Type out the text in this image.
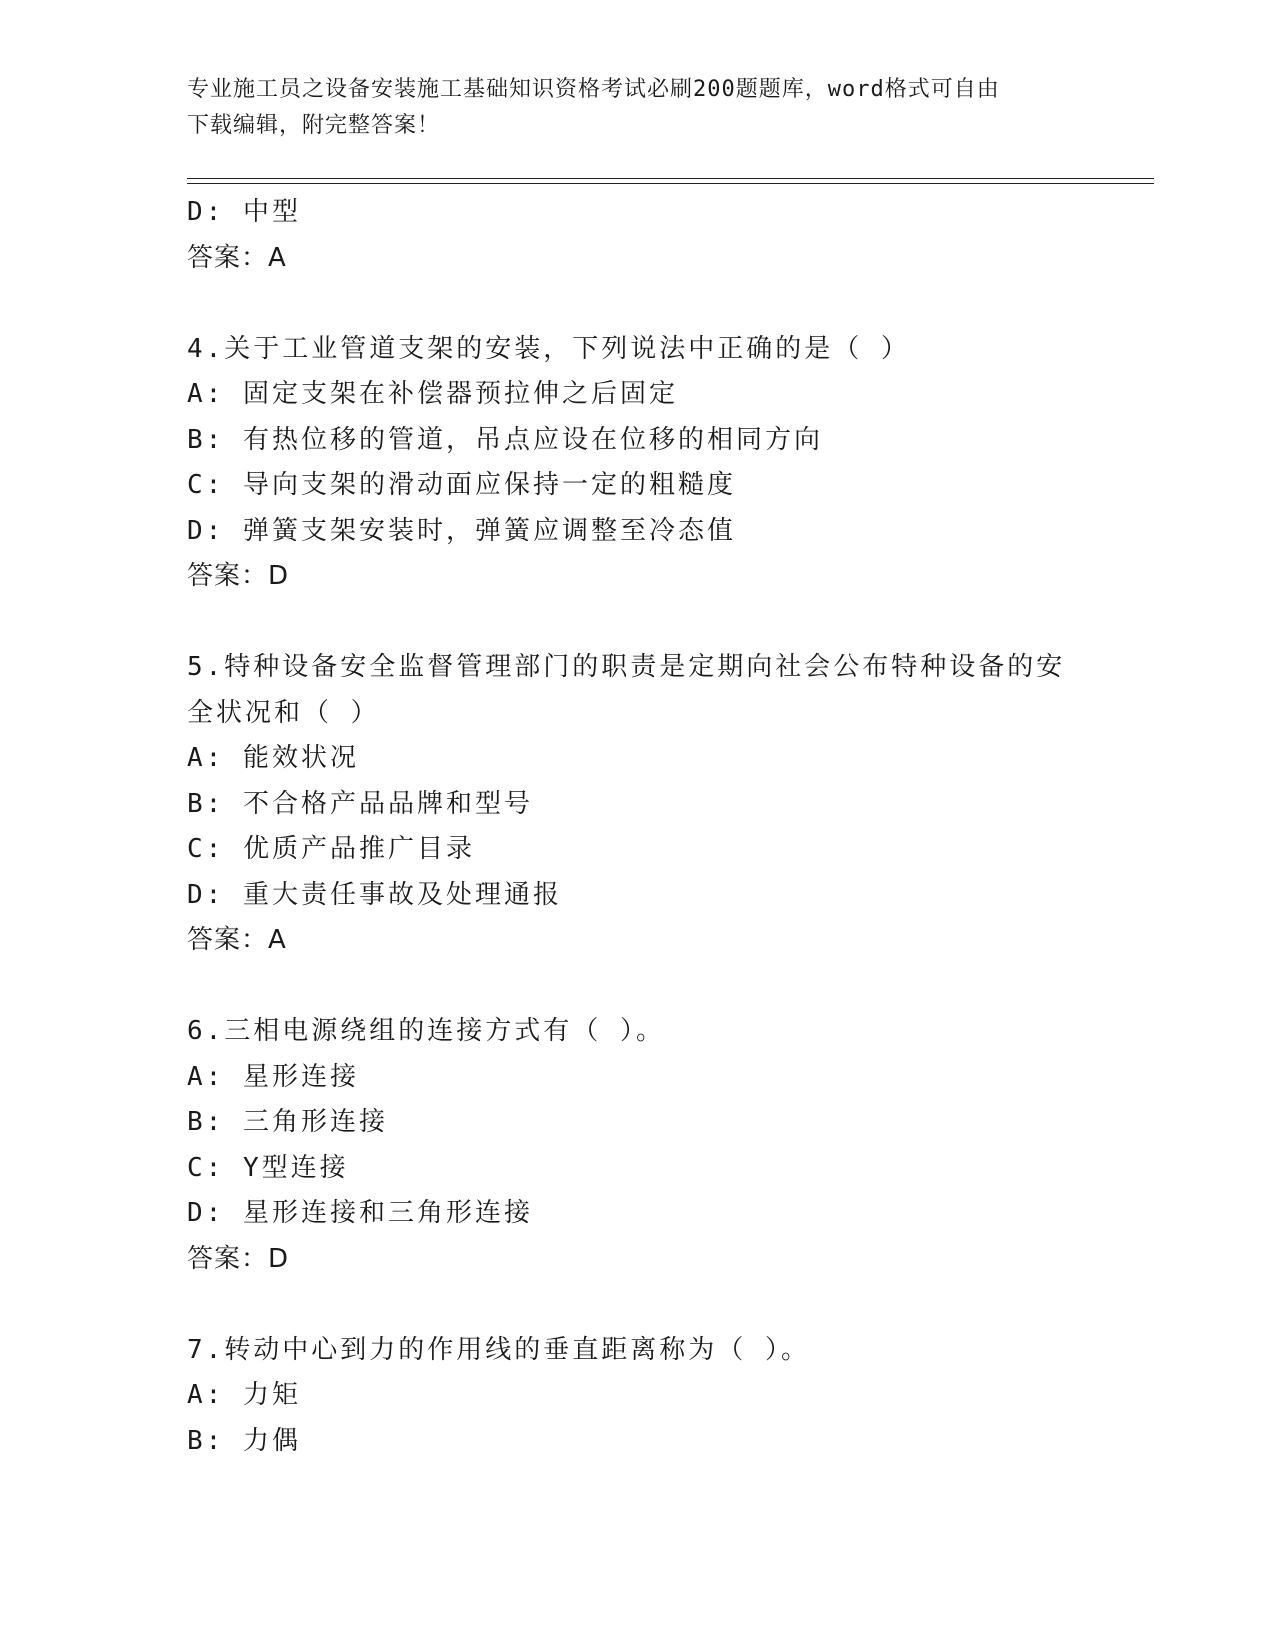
专业施工员之设备安装施工基础知识资格考试必刷200题题库，word格式可自由
下载编辑，附完整答案！
D: 中型
答案：A
4.关于工业管道支架的安装，下列说法中正确的是（ ）
A: 固定支架在补偿器预拉伸之后固定
B: 有热位移的管道，吊点应设在位移的相同方向
C: 导向支架的滑动面应保持一定的粗糙度
D: 弹簧支架安装时，弹簧应调整至冷态值
答案：D
5.特种设备安全监督管理部门的职责是定期向社会公布特种设备的安
全状况和（ ）
A: 能效状况
B: 不合格产品品牌和型号
C: 优质产品推广目录
D: 重大责任事故及处理通报
答案：A
6.三相电源绕组的连接方式有（ ）。
A: 星形连接
B: 三角形连接
C: Y型连接
D: 星形连接和三角形连接
答案：D
7.转动中心到力的作用线的垂直距离称为（ ）。
A: 力矩
B: 力偶
